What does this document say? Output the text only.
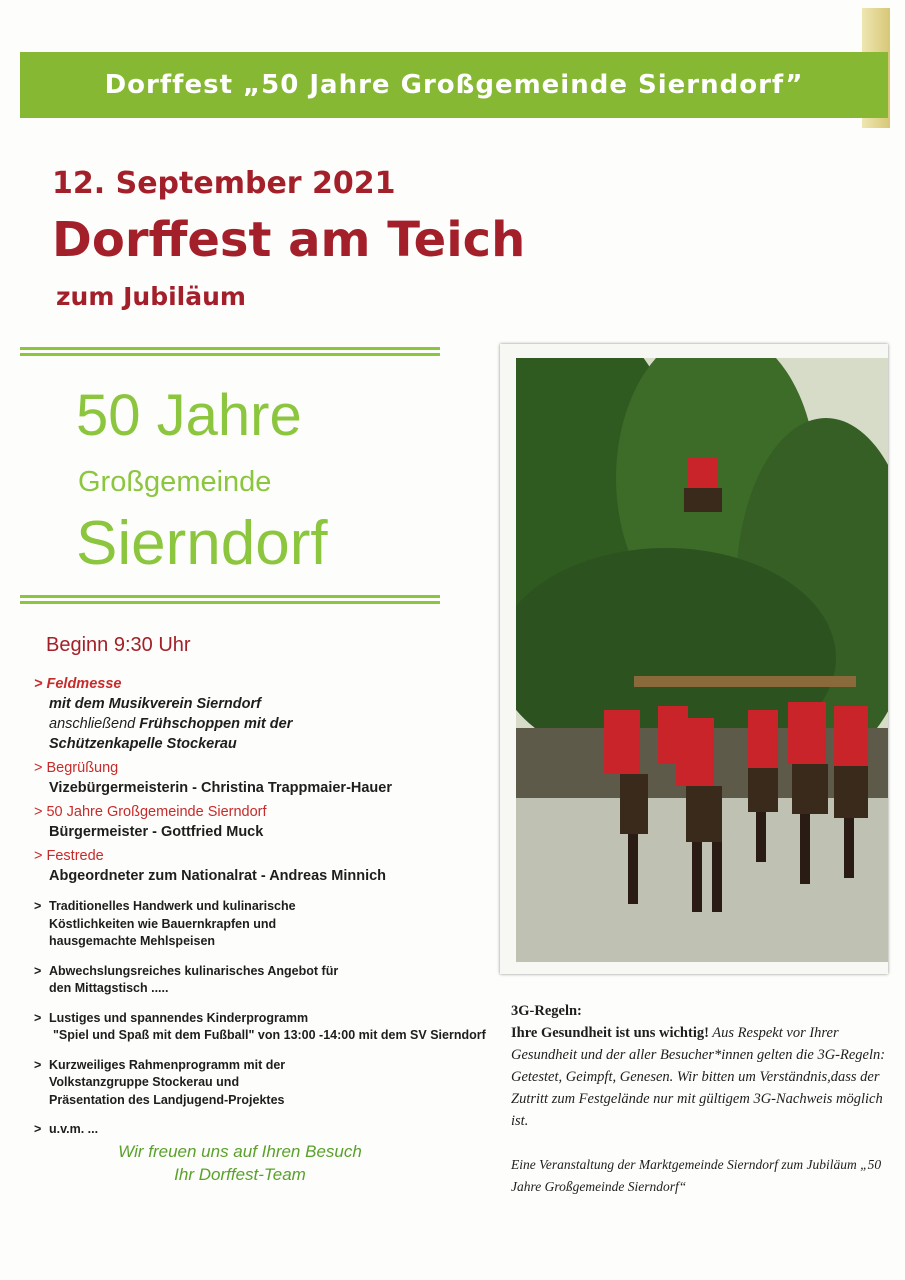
Dorffest „50 Jahre Großgemeinde Sierndorf”
12. September 2021
Dorffest am Teich
zum Jubiläum
50 Jahre
Großgemeinde
Sierndorf
Beginn 9:30 Uhr
> Feldmesse
mit dem Musikverein Sierndorf
anschließend Frühschoppen mit der
Schützenkapelle Stockerau
> Begrüßung
Vizebürgermeisterin - Christina Trappmaier-Hauer
> 50 Jahre Großgemeinde Sierndorf
Bürgermeister - Gottfried Muck
> Festrede
Abgeordneter zum Nationalrat - Andreas Minnich
> Traditionelles Handwerk und kulinarische Köstlichkeiten wie Bauernkrapfen und hausgemachte Mehlspeisen
> Abwechslungsreiches kulinarisches Angebot für den Mittagstisch .....
> Lustiges und spannendes Kinderprogramm
"Spiel und Spaß mit dem Fußball" von 13:00 -14:00 mit dem SV Sierndorf
> Kurzweiliges Rahmenprogramm mit der Volkstanzgruppe Stockerau und Präsentation des Landjugend-Projektes
> u.v.m. ...
Wir freuen uns auf Ihren Besuch
Ihr Dorffest-Team
3G-Regeln:
Ihre Gesundheit ist uns wichtig! Aus Respekt vor Ihrer Gesundheit und der aller Besucher*innen gelten die 3G-Regeln: Getestet, Geimpft, Genesen. Wir bitten um Verständnis,dass der Zutritt zum Festgelände nur mit gültigem 3G-Nachweis möglich ist.
Eine Veranstaltung der Marktgemeinde Sierndorf zum Jubiläum „50 Jahre Großgemeinde Sierndorf“
